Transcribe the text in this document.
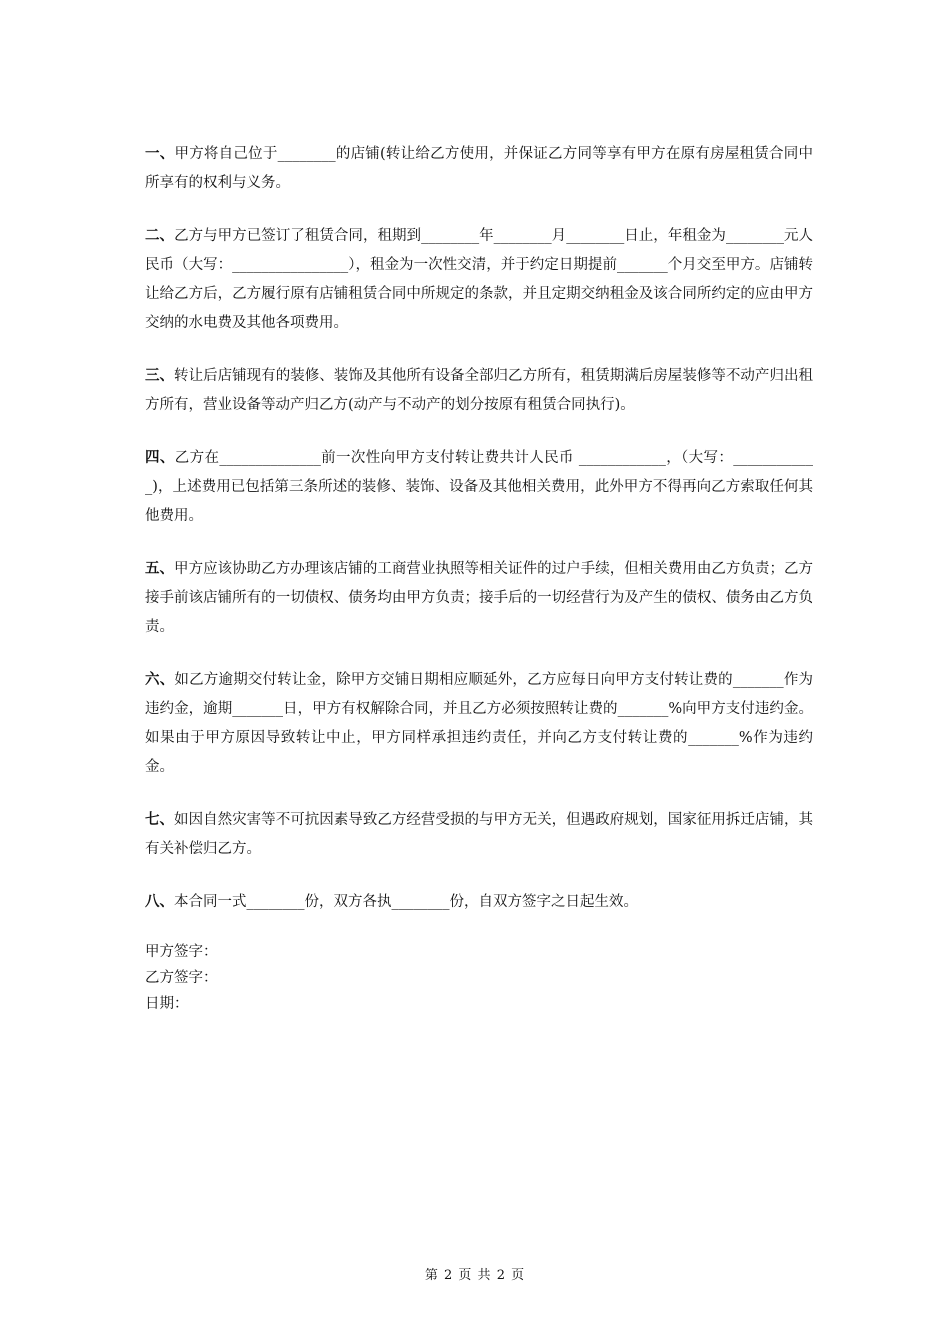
一、甲方将自己位于________的店铺(转让给乙方使用，并保证乙方同等享有甲方在原有房屋租赁合同中所享有的权利与义务。

二、乙方与甲方已签订了租赁合同，租期到________年________月________日止，年租金为________元人民币（大写：________________），租金为一次性交清，并于约定日期提前_______个月交至甲方。店铺转让给乙方后，乙方履行原有店铺租赁合同中所规定的条款，并且定期交纳租金及该合同所约定的应由甲方交纳的水电费及其他各项费用。

三、转让后店铺现有的装修、装饰及其他所有设备全部归乙方所有，租赁期满后房屋装修等不动产归出租方所有，营业设备等动产归乙方(动产与不动产的划分按原有租赁合同执行)。

四、乙方在______________前一次性向甲方支付转让费共计人民币 ____________，（大写：____________)，上述费用已包括第三条所述的装修、装饰、设备及其他相关费用，此外甲方不得再向乙方索取任何其他费用。

五、甲方应该协助乙方办理该店铺的工商营业执照等相关证件的过户手续，但相关费用由乙方负责；乙方接手前该店铺所有的一切债权、债务均由甲方负责；接手后的一切经营行为及产生的债权、债务由乙方负责。

六、如乙方逾期交付转让金，除甲方交铺日期相应顺延外，乙方应每日向甲方支付转让费的_______作为违约金，逾期_______日，甲方有权解除合同，并且乙方必须按照转让费的_______%向甲方支付违约金。如果由于甲方原因导致转让中止，甲方同样承担违约责任，并向乙方支付转让费的_______%作为违约金。

七、如因自然灾害等不可抗因素导致乙方经营受损的与甲方无关，但遇政府规划，国家征用拆迁店铺，其有关补偿归乙方。

八、本合同一式________份，双方各执________份，自双方签字之日起生效。

甲方签字：
乙方签字：
日期：
第 2 页 共 2 页
